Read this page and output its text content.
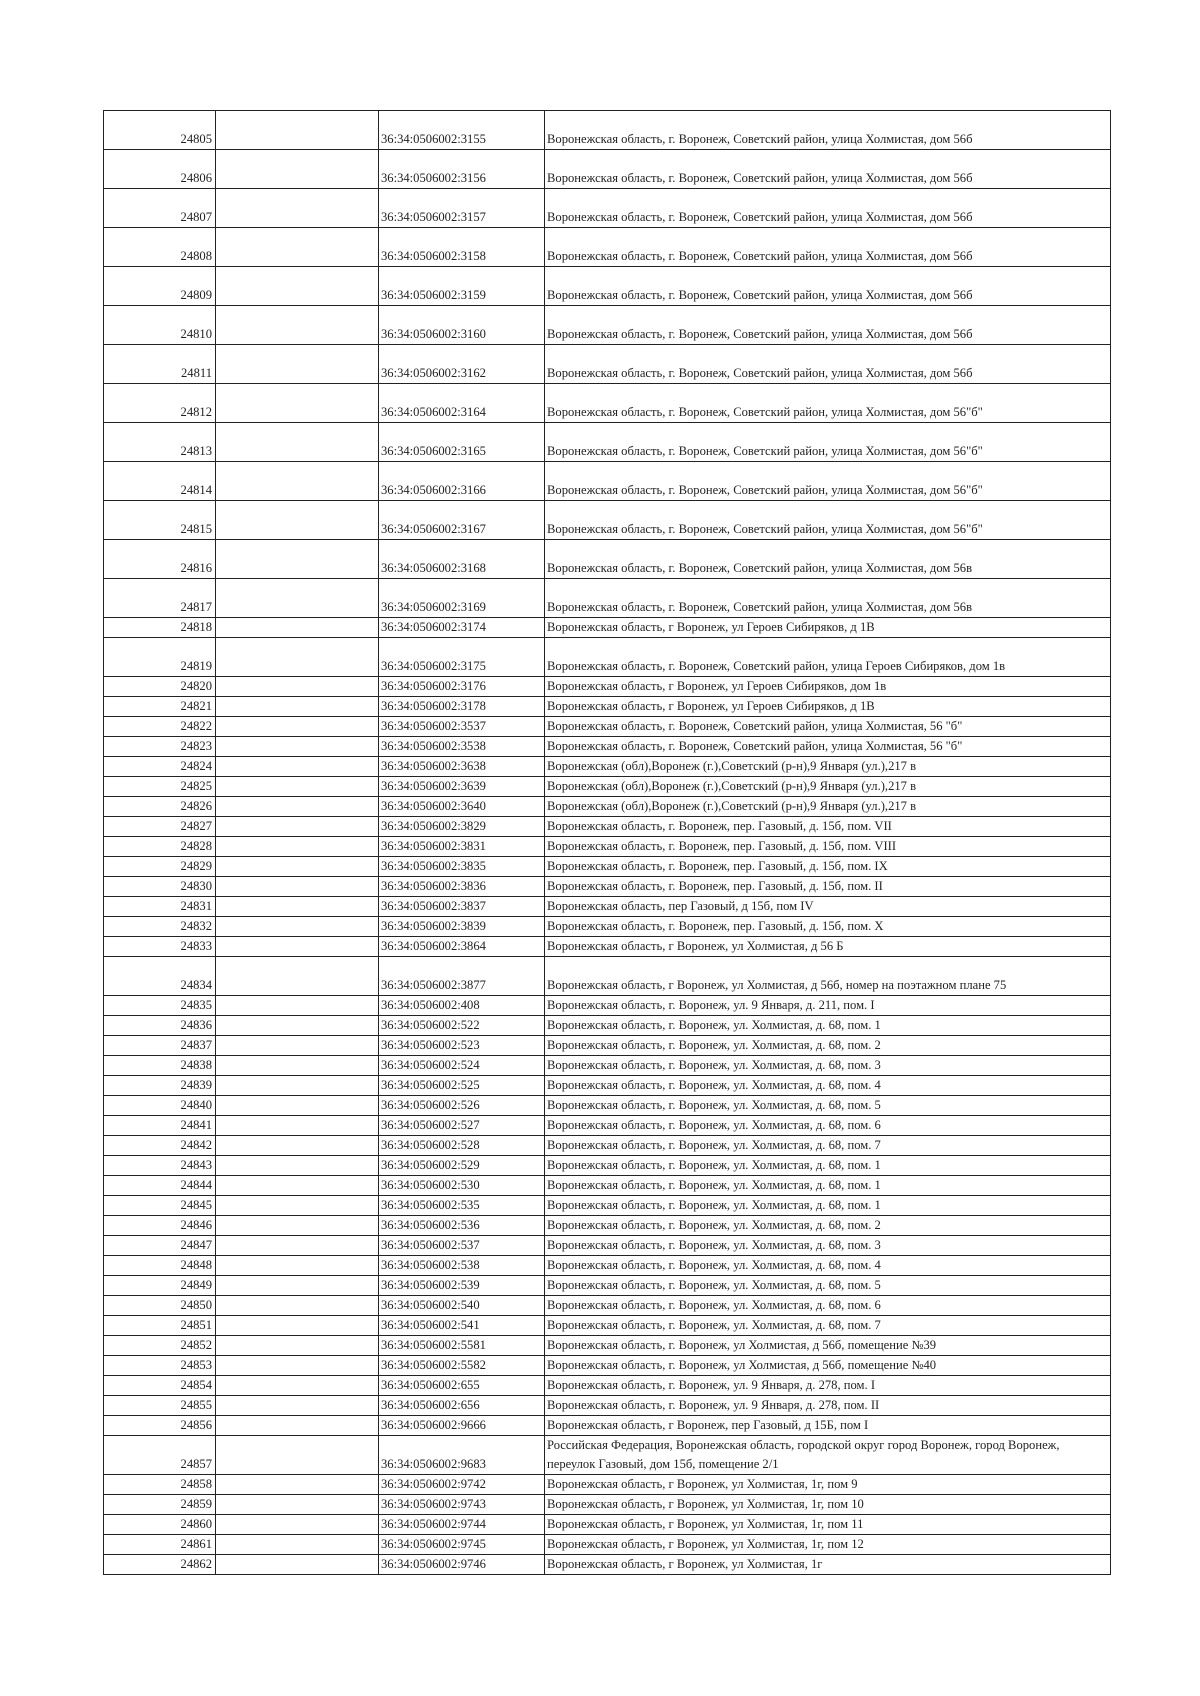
24805		36:34:0506002:3155	Воронежская область, г. Воронеж, Советский район, улица Холмистая, дом 56б
24806		36:34:0506002:3156	Воронежская область, г. Воронеж, Советский район, улица Холмистая, дом 56б
24807		36:34:0506002:3157	Воронежская область, г. Воронеж, Советский район, улица Холмистая, дом 56б
24808		36:34:0506002:3158	Воронежская область, г. Воронеж, Советский район, улица Холмистая, дом 56б
24809		36:34:0506002:3159	Воронежская область, г. Воронеж, Советский район, улица Холмистая, дом 56б
24810		36:34:0506002:3160	Воронежская область, г. Воронеж, Советский район, улица Холмистая, дом 56б
24811		36:34:0506002:3162	Воронежская область, г. Воронеж, Советский район, улица Холмистая, дом 56б
24812		36:34:0506002:3164	Воронежская область, г. Воронеж, Советский район, улица Холмистая, дом 56"б"
24813		36:34:0506002:3165	Воронежская область, г. Воронеж, Советский район, улица Холмистая, дом 56"б"
24814		36:34:0506002:3166	Воронежская область, г. Воронеж, Советский район, улица Холмистая, дом 56"б"
24815		36:34:0506002:3167	Воронежская область, г. Воронеж, Советский район, улица Холмистая, дом 56"б"
24816		36:34:0506002:3168	Воронежская область, г. Воронеж, Советский район, улица Холмистая, дом 56в
24817		36:34:0506002:3169	Воронежская область, г. Воронеж, Советский район, улица Холмистая, дом 56в
24818		36:34:0506002:3174	Воронежская область, г Воронеж, ул Героев Сибиряков, д 1В
24819		36:34:0506002:3175	Воронежская область, г. Воронеж, Советский район, улица Героев Сибиряков, дом 1в
24820		36:34:0506002:3176	Воронежская область, г Воронеж, ул Героев Сибиряков, дом 1в
24821		36:34:0506002:3178	Воронежская область, г Воронеж, ул Героев Сибиряков, д 1В
24822		36:34:0506002:3537	Воронежская область, г. Воронеж, Советский район, улица Холмистая, 56 "б"
24823		36:34:0506002:3538	Воронежская область, г. Воронеж, Советский район, улица Холмистая, 56 "б"
24824		36:34:0506002:3638	Воронежская (обл),Воронеж (г.),Советский (р-н),9 Января (ул.),217 в
24825		36:34:0506002:3639	Воронежская (обл),Воронеж (г.),Советский (р-н),9 Января (ул.),217 в
24826		36:34:0506002:3640	Воронежская (обл),Воронеж (г.),Советский (р-н),9 Января (ул.),217 в
24827		36:34:0506002:3829	Воронежская область, г. Воронеж, пер. Газовый, д. 15б, пом. VII
24828		36:34:0506002:3831	Воронежская область, г. Воронеж, пер. Газовый, д. 15б, пом. VIII
24829		36:34:0506002:3835	Воронежская область, г. Воронеж, пер. Газовый, д. 15б, пом. IX
24830		36:34:0506002:3836	Воронежская область, г. Воронеж, пер. Газовый, д. 15б, пом. II
24831		36:34:0506002:3837	Воронежская область, пер Газовый, д 15б, пом IV
24832		36:34:0506002:3839	Воронежская область, г. Воронеж, пер. Газовый, д. 15б, пом. X
24833		36:34:0506002:3864	Воронежская область, г Воронеж, ул Холмистая, д 56 Б
24834		36:34:0506002:3877	Воронежская область, г Воронеж, ул Холмистая, д 56б, номер на поэтажном плане 75
24835		36:34:0506002:408	Воронежская область, г. Воронеж, ул. 9 Января, д. 211, пом. I
24836		36:34:0506002:522	Воронежская область, г. Воронеж, ул. Холмистая, д. 68, пом. 1
24837		36:34:0506002:523	Воронежская область, г. Воронеж, ул. Холмистая, д. 68, пом. 2
24838		36:34:0506002:524	Воронежская область, г. Воронеж, ул. Холмистая, д. 68, пом. 3
24839		36:34:0506002:525	Воронежская область, г. Воронеж, ул. Холмистая, д. 68, пом. 4
24840		36:34:0506002:526	Воронежская область, г. Воронеж, ул. Холмистая, д. 68, пом. 5
24841		36:34:0506002:527	Воронежская область, г. Воронеж, ул. Холмистая, д. 68, пом. 6
24842		36:34:0506002:528	Воронежская область, г. Воронеж, ул. Холмистая, д. 68, пом. 7
24843		36:34:0506002:529	Воронежская область, г. Воронеж, ул. Холмистая, д. 68, пом. 1
24844		36:34:0506002:530	Воронежская область, г. Воронеж, ул. Холмистая, д. 68, пом. 1
24845		36:34:0506002:535	Воронежская область, г. Воронеж, ул. Холмистая, д. 68, пом. 1
24846		36:34:0506002:536	Воронежская область, г. Воронеж, ул. Холмистая, д. 68, пом. 2
24847		36:34:0506002:537	Воронежская область, г. Воронеж, ул. Холмистая, д. 68, пом. 3
24848		36:34:0506002:538	Воронежская область, г. Воронеж, ул. Холмистая, д. 68, пом. 4
24849		36:34:0506002:539	Воронежская область, г. Воронеж, ул. Холмистая, д. 68, пом. 5
24850		36:34:0506002:540	Воронежская область, г. Воронеж, ул. Холмистая, д. 68, пом. 6
24851		36:34:0506002:541	Воронежская область, г. Воронеж, ул. Холмистая, д. 68, пом. 7
24852		36:34:0506002:5581	Воронежская область, г. Воронеж, ул Холмистая, д 56б, помещение №39
24853		36:34:0506002:5582	Воронежская область, г. Воронеж, ул Холмистая, д 56б, помещение №40
24854		36:34:0506002:655	Воронежская область, г. Воронеж, ул. 9 Января, д. 278, пом. I
24855		36:34:0506002:656	Воронежская область, г. Воронеж, ул. 9 Января, д. 278, пом. II
24856		36:34:0506002:9666	Воронежская область, г Воронеж, пер Газовый, д 15Б, пом I
24857		36:34:0506002:9683	Российская Федерация, Воронежская область, городской округ город Воронеж, город Воронеж, переулок Газовый, дом 15б, помещение 2/1
24858		36:34:0506002:9742	Воронежская область, г Воронеж, ул Холмистая, 1г, пом 9
24859		36:34:0506002:9743	Воронежская область, г Воронеж, ул Холмистая, 1г, пом 10
24860		36:34:0506002:9744	Воронежская область, г Воронеж, ул Холмистая, 1г, пом 11
24861		36:34:0506002:9745	Воронежская область, г Воронеж, ул Холмистая, 1г, пом 12
24862		36:34:0506002:9746	Воронежская область, г Воронеж, ул Холмистая, 1г
